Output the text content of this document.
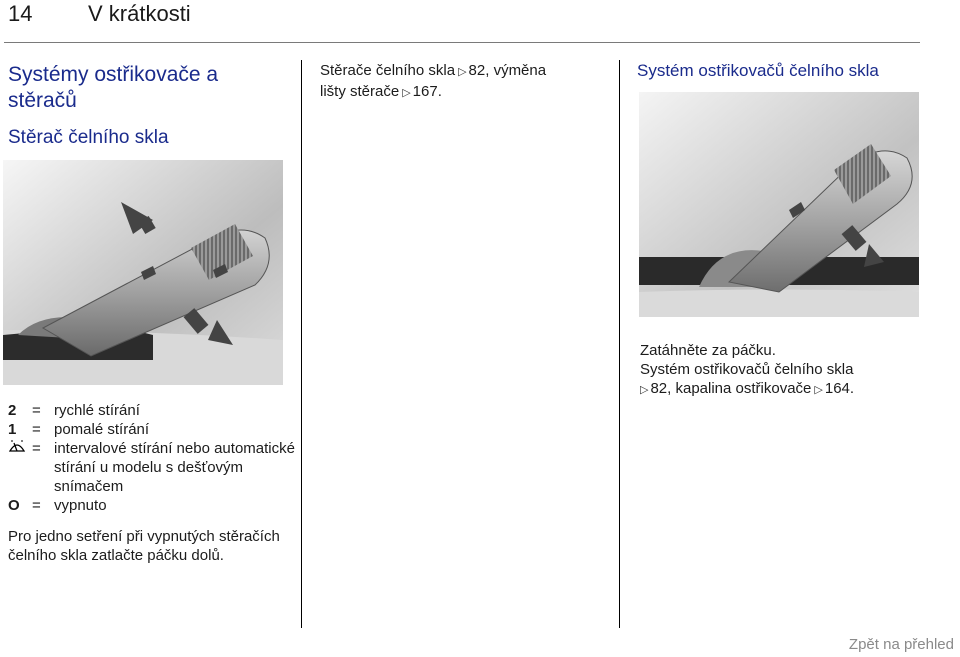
14	V krátkosti
Systémy ostřikovače a stěračů
Stěrač čelního skla
2	= rychlé stírání
1	= pomalé stírání
= intervalové stírání nebo automatické stírání u modelu s dešťovým snímačem
O = vypnuto
Pro jedno setření při vypnutých stěračích čelního skla zatlačte páčku dolů.
Stěrače čelního skla ▷ 82, výměna
lišty stěrače ▷ 167.
Systém ostřikovačů čelního skla
Zatáhněte za páčku.
Systém ostřikovačů čelního skla
▷ 82, kapalina ostřikovače ▷ 164.
Zpět na přehled
